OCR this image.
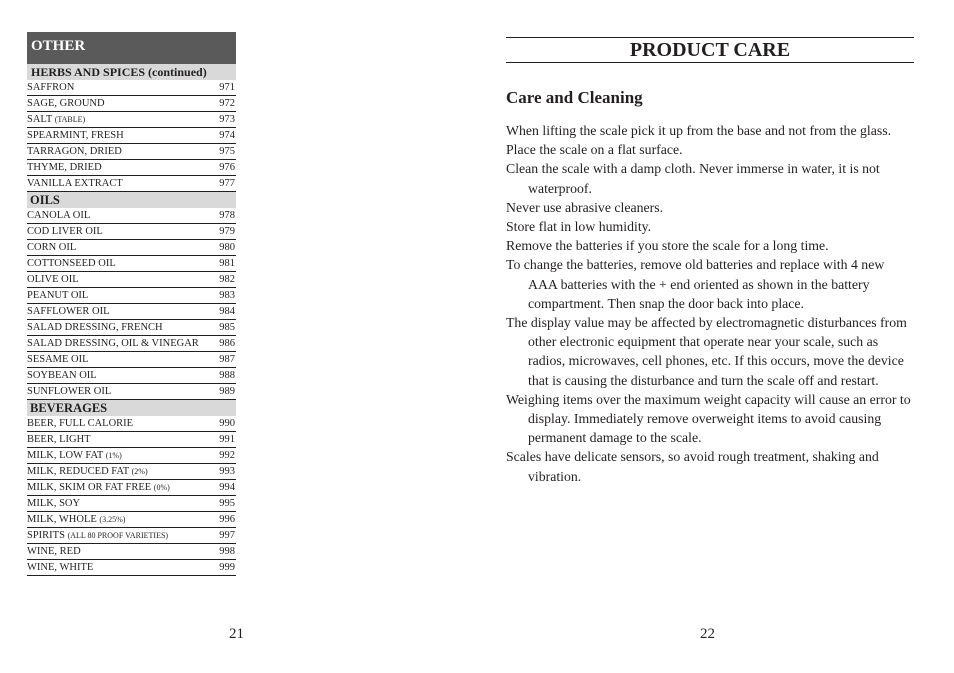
OTHER
HERBS AND SPICES (continued)
SAFFRON	971
SAGE, GROUND	972
SALT (TABLE)	973
SPEARMINT, FRESH	974
TARRAGON, DRIED	975
THYME, DRIED	976
VANILLA EXTRACT	977
OILS
CANOLA OIL	978
COD LIVER OIL	979
CORN OIL	980
COTTONSEED OIL	981
OLIVE OIL	982
PEANUT OIL	983
SAFFLOWER OIL	984
SALAD DRESSING, FRENCH	985
SALAD DRESSING, OIL & VINEGAR 986
SESAME OIL	987
SOYBEAN OIL	988
SUNFLOWER OIL	989
BEVERAGES
BEER, FULL CALORIE	990
BEER, LIGHT	991
MILK, LOW FAT (1%)	992
MILK, REDUCED FAT (2%)	993
MILK, SKIM OR FAT FREE (0%)	994
MILK, SOY	995
MILK, WHOLE (3.25%)	996
SPIRITS (ALL 80 PROOF VARIETIES)	997
WINE, RED	998
WINE, WHITE	999
21
PRODUCT CARE
Care and Cleaning
When lifting the scale pick it up from the base and not from the glass.
Place the scale on a flat surface.
Clean the scale with a damp cloth. Never immerse in water, it is not waterproof.
Never use abrasive cleaners.
Store flat in low humidity.
Remove the batteries if you store the scale for a long time.
To change the batteries, remove old batteries and replace with 4 new AAA batteries with the + end oriented as shown in the battery compartment. Then snap the door back into place.
The display value may be affected by electromagnetic disturbances from other electronic equipment that operate near your scale, such as radios, microwaves, cell phones, etc. If this occurs, move the device that is causing the disturbance and turn the scale off and restart.
Weighing items over the maximum weight capacity will cause an error to display. Immediately remove overweight items to avoid causing permanent damage to the scale.
Scales have delicate sensors, so avoid rough treatment, shaking and vibration.
22
